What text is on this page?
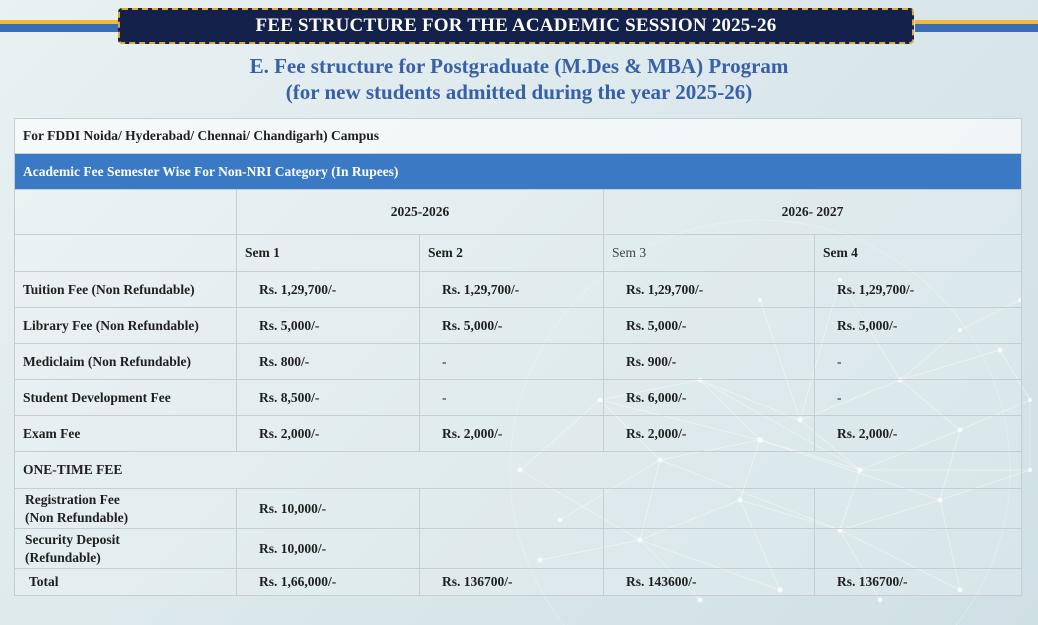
FEE STRUCTURE FOR THE ACADEMIC SESSION 2025-26
E. Fee structure for Postgraduate (M.Des & MBA) Program
(for new students admitted during the year 2025-26)
For FDDI Noida/ Hyderabad/ Chennai/ Chandigarh) Campus				
Academic Fee Semester Wise For Non-NRI Category (In Rupees)				
	2025-2026		2026- 2027	
	Sem 1	Sem 2	Sem 3	Sem 4
Tuition Fee (Non Refundable)	Rs. 1,29,700/-	Rs. 1,29,700/-	Rs. 1,29,700/-	Rs. 1,29,700/-
Library Fee (Non Refundable)	Rs. 5,000/-	Rs. 5,000/-	Rs. 5,000/-	Rs. 5,000/-
Mediclaim (Non Refundable)	Rs. 800/-	-	Rs. 900/-	-
Student Development Fee	Rs. 8,500/-	-	Rs. 6,000/-	-
Exam Fee	Rs. 2,000/-	Rs. 2,000/-	Rs. 2,000/-	Rs. 2,000/-
ONE-TIME FEE				
Registration Fee
(Non Refundable)	Rs. 10,000/-			
Security Deposit
(Refundable)	Rs. 10,000/-			
Total	Rs. 1,66,000/-	Rs. 136700/-	Rs. 143600/-	Rs. 136700/-
